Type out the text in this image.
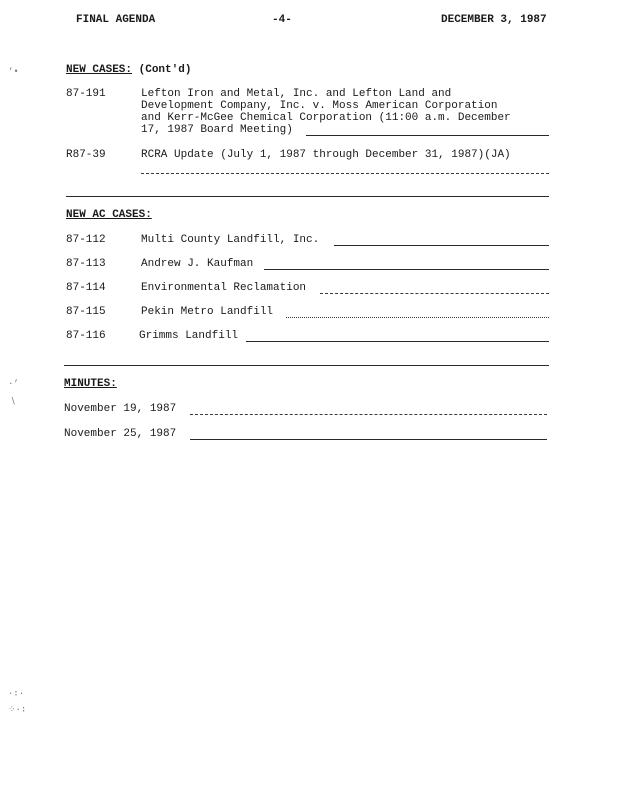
FINAL AGENDA	-4-	DECEMBER 3, 1987
’•
·’
∖
·∶·
⁘·∶
NEW CASES: (Cont'd)
87-191	Lefton Iron and Metal, Inc. and Lefton Land and
Development Company, Inc. v. Moss American Corporation
and Kerr-McGee Chemical Corporation (11:00 a.m. December
17, 1987 Board Meeting)
R87-39	RCRA Update (July 1, 1987 through December 31, 1987)(JA)
NEW AC CASES:
87-112	Multi County Landfill, Inc.
87-113	Andrew J. Kaufman
87-114	Environmental Reclamation
87-115	Pekin Metro Landfill
87-116	Grimms Landfill
MINUTES:
November 19, 1987
November 25, 1987
